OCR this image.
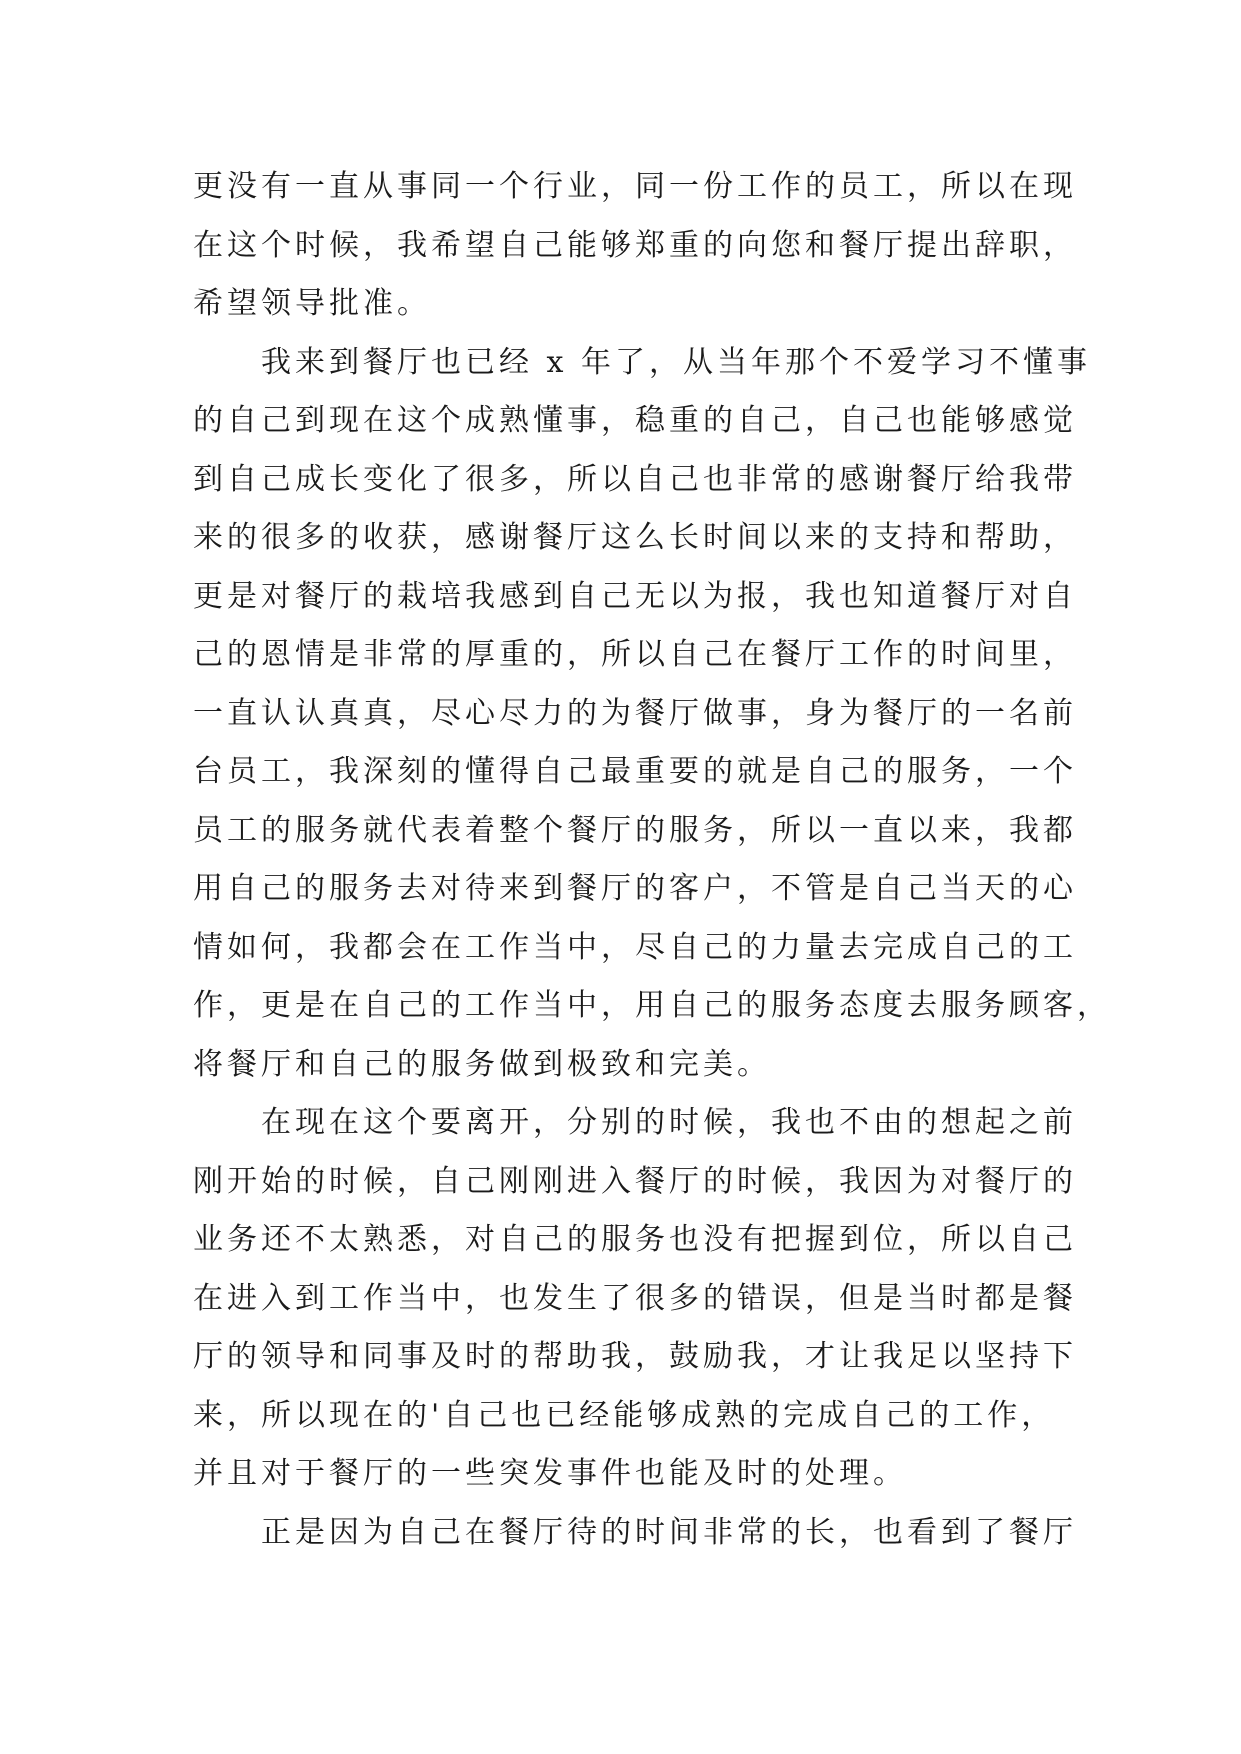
更没有一直从事同一个行业，同一份工作的员工，所以在现
在这个时候，我希望自己能够郑重的向您和餐厅提出辞职，
希望领导批准。
我来到餐厅也已经 x 年了，从当年那个不爱学习不懂事
的自己到现在这个成熟懂事，稳重的自己，自己也能够感觉
到自己成长变化了很多，所以自己也非常的感谢餐厅给我带
来的很多的收获，感谢餐厅这么长时间以来的支持和帮助，
更是对餐厅的栽培我感到自己无以为报，我也知道餐厅对自
己的恩情是非常的厚重的，所以自己在餐厅工作的时间里，
一直认认真真，尽心尽力的为餐厅做事，身为餐厅的一名前
台员工，我深刻的懂得自己最重要的就是自己的服务，一个
员工的服务就代表着整个餐厅的服务，所以一直以来，我都
用自己的服务去对待来到餐厅的客户，不管是自己当天的心
情如何，我都会在工作当中，尽自己的力量去完成自己的工
作，更是在自己的工作当中，用自己的服务态度去服务顾客，
将餐厅和自己的服务做到极致和完美。
在现在这个要离开，分别的时候，我也不由的想起之前
刚开始的时候，自己刚刚进入餐厅的时候，我因为对餐厅的
业务还不太熟悉，对自己的服务也没有把握到位，所以自己
在进入到工作当中，也发生了很多的错误，但是当时都是餐
厅的领导和同事及时的帮助我，鼓励我，才让我足以坚持下
来，所以现在的'自己也已经能够成熟的完成自己的工作，
并且对于餐厅的一些突发事件也能及时的处理。
正是因为自己在餐厅待的时间非常的长，也看到了餐厅
